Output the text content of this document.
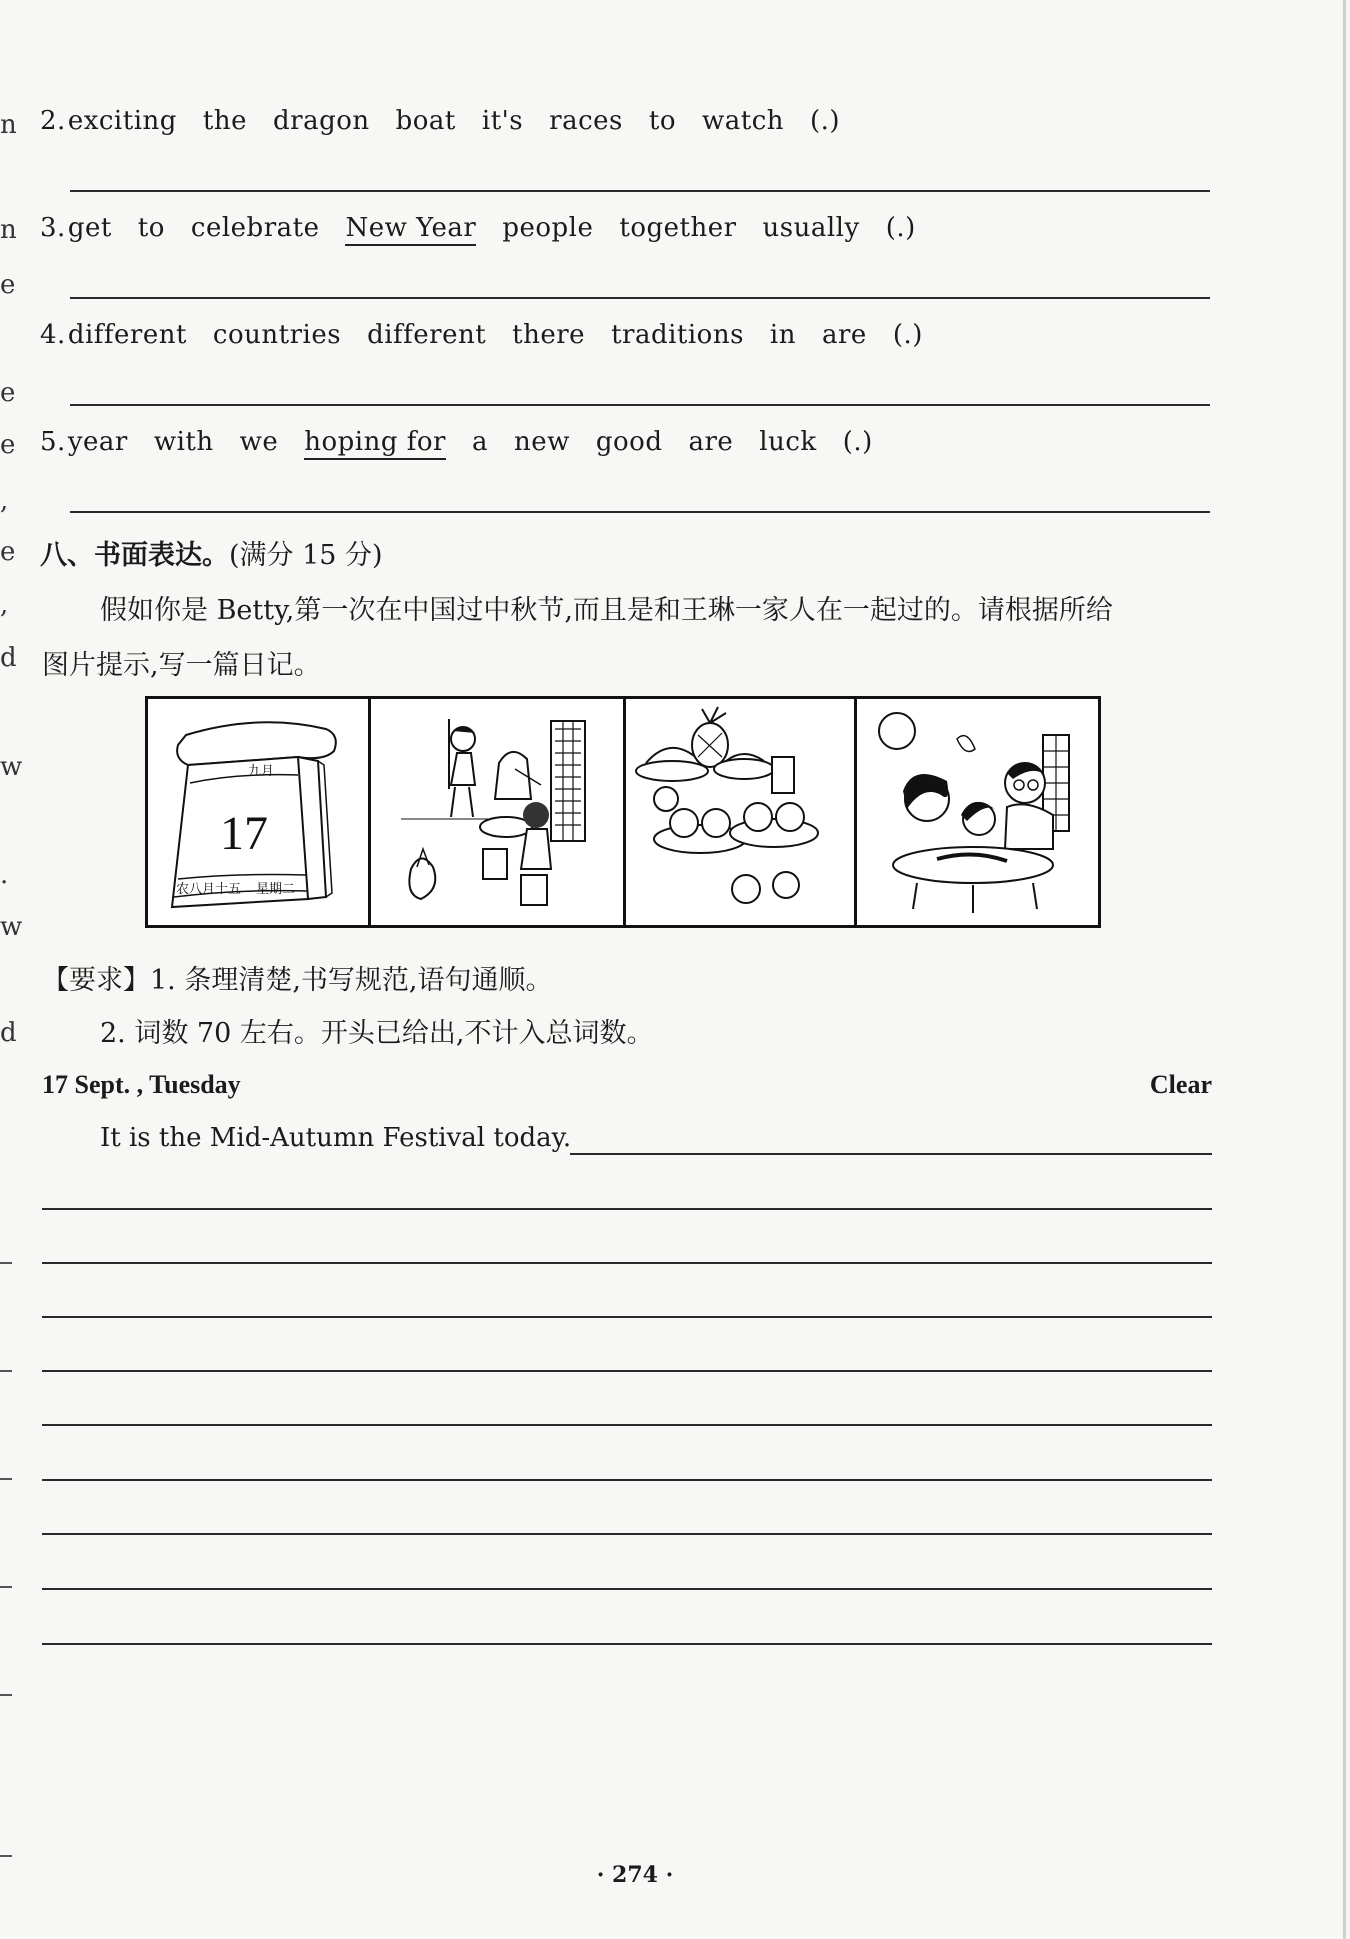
n
n
e
e
e
,
e
,
d
w
.
w
d
2.exciting the dragon boat it's races to watch (.)
3.get to celebrate New Year people together usually (.)
4.different countries different there traditions in are (.)
5.year with we hoping for a new good are luck (.)
八、书面表达。(满分 15 分)
假如你是 Betty,第一次在中国过中秋节,而且是和王琳一家人在一起过的。请根据所给
图片提示,写一篇日记。
九月
17
农八月十五 星期二
【要求】1. 条理清楚,书写规范,语句通顺。
2. 词数 70 左右。开头已给出,不计入总词数。
17 Sept. , Tuesday	Clear
It is the Mid-Autumn Festival today.
· 274 ·
